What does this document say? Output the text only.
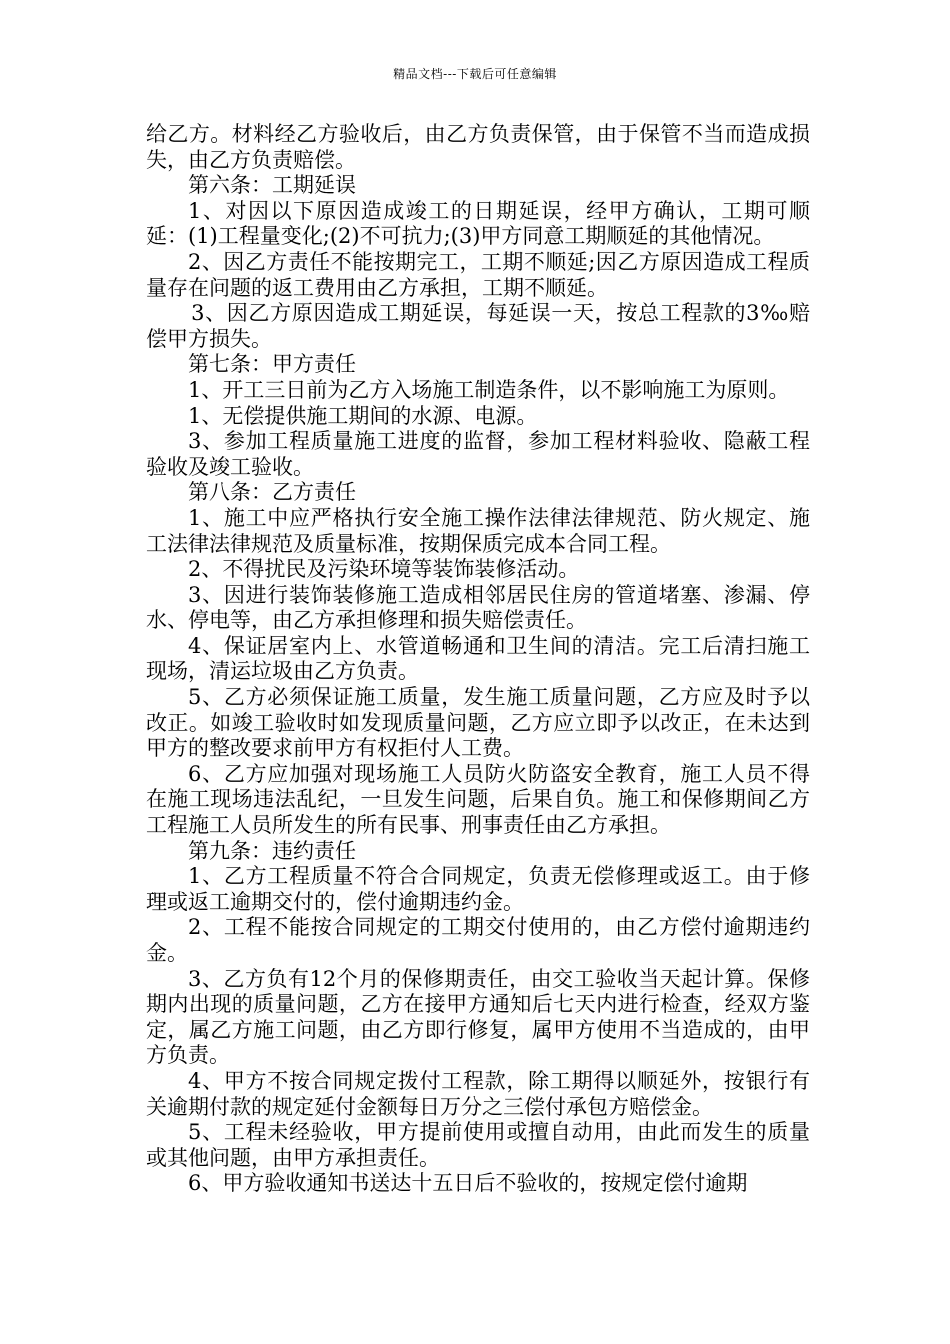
精品文档---下载后可任意编辑

给乙方。材料经乙方验收后，由乙方负责保管，由于保管不当而造成损失，由乙方负责赔偿。

第六条：工期延误

1、对因以下原因造成竣工的日期延误，经甲方确认，工期可顺延：(1)工程量变化;(2)不可抗力;(3)甲方同意工期顺延的其他情况。

2、因乙方责任不能按期完工，工期不顺延;因乙方原因造成工程质量存在问题的返工费用由乙方承担，工期不顺延。

3、因乙方原因造成工期延误，每延误一天，按总工程款的3‰赔偿甲方损失。

第七条：甲方责任

1、开工三日前为乙方入场施工制造条件，以不影响施工为原则。

1、无偿提供施工期间的水源、电源。

3、参加工程质量施工进度的监督，参加工程材料验收、隐蔽工程验收及竣工验收。

第八条：乙方责任

1、施工中应严格执行安全施工操作法律法律规范、防火规定、施工法律法律规范及质量标准，按期保质完成本合同工程。

2、不得扰民及污染环境等装饰装修活动。

3、因进行装饰装修施工造成相邻居民住房的管道堵塞、渗漏、停水、停电等，由乙方承担修理和损失赔偿责任。

4、保证居室内上、水管道畅通和卫生间的清洁。完工后清扫施工现场，清运垃圾由乙方负责。

5、乙方必须保证施工质量，发生施工质量问题，乙方应及时予以改正。如竣工验收时如发现质量问题，乙方应立即予以改正，在未达到甲方的整改要求前甲方有权拒付人工费。

6、乙方应加强对现场施工人员防火防盗安全教育，施工人员不得在施工现场违法乱纪，一旦发生问题，后果自负。施工和保修期间乙方工程施工人员所发生的所有民事、刑事责任由乙方承担。

第九条：违约责任

1、乙方工程质量不符合合同规定，负责无偿修理或返工。由于修理或返工逾期交付的，偿付逾期违约金。

2、工程不能按合同规定的工期交付使用的，由乙方偿付逾期违约金。

3、乙方负有12个月的保修期责任，由交工验收当天起计算。保修期内出现的质量问题，乙方在接甲方通知后七天内进行检查，经双方鉴定，属乙方施工问题，由乙方即行修复，属甲方使用不当造成的，由甲方负责。

4、甲方不按合同规定拨付工程款，除工期得以顺延外，按银行有关逾期付款的规定延付金额每日万分之三偿付承包方赔偿金。

5、工程未经验收，甲方提前使用或擅自动用，由此而发生的质量或其他问题，由甲方承担责任。

6、甲方验收通知书送达十五日后不验收的，按规定偿付逾期
